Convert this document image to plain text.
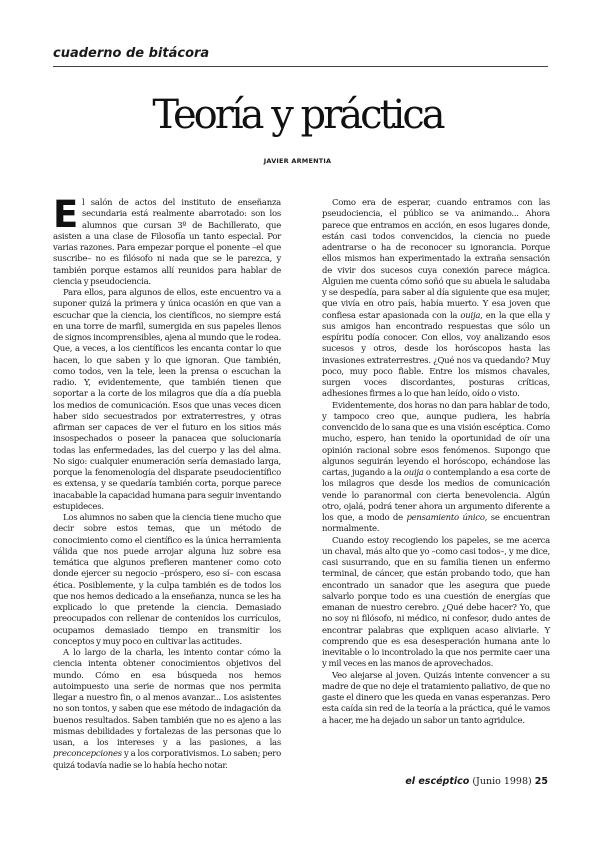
cuaderno de bitácora

Teoría y práctica
JAVIER ARMENTIA

El salón de actos del instituto de enseñanza secundaria está realmente abarrotado: son los alumnos que cursan 3º de Bachillerato, que asisten a una clase de Filosofía un tanto especial. Por varias razones. Para empezar porque el ponente –el que suscribe– no es filósofo ni nada que se le parezca, y también porque estamos allí reunidos para hablar de ciencia y pseudociencia.

Para ellos, para algunos de ellos, este encuentro va a suponer quizá la primera y única ocasión en que van a escuchar que la ciencia, los científicos, no siempre está en una torre de marfil, sumergida en sus papeles llenos de signos incomprensibles, ajena al mundo que le rodea. Que, a veces, a los científicos les encanta contar lo que hacen, lo que saben y lo que ignoran. Que también, como todos, ven la tele, leen la prensa o escuchan la radio. Y, evidentemente, que también tienen que soportar a la corte de los milagros que día a día puebla los medios de comunicación. Esos que unas veces dicen haber sido secuestrados por extraterrestres, y otras afirman ser capaces de ver el futuro en los sitios más insospechados o poseer la panacea que solucionaría todas las enfermedades, las del cuerpo y las del alma. No sigo: cualquier enumeración sería demasiado larga, porque la fenomenología del disparate pseudocientífico es extensa, y se quedaría también corta, porque parece inacabable la capacidad humana para seguir inventando estupideces.

Los alumnos no saben que la ciencia tiene mucho que decir sobre estos temas, que un método de conocimiento como el científico es la única herramienta válida que nos puede arrojar alguna luz sobre esa temática que algunos prefieren mantener como coto donde ejercer su negocio –próspero, eso sí– con escasa ética. Posiblemente, y la culpa también es de todos los que nos hemos dedicado a la enseñanza, nunca se les ha explicado lo que pretende la ciencia. Demasiado preocupados con rellenar de contenidos los currículos, ocupamos demasiado tiempo en transmitir los conceptos y muy poco en cultivar las actitudes.

A lo largo de la charla, les intento contar cómo la ciencia intenta obtener conocimientos objetivos del mundo. Cómo en esa búsqueda nos hemos autoimpuesto una serie de normas que nos permita llegar a nuestro fin, o al menos avanzar... Los asistentes no son tontos, y saben que ese método de indagación da buenos resultados. Saben también que no es ajeno a las mismas debilidades y fortalezas de las personas que lo usan, a los intereses y a las pasiones, a las preconcepciones y a los corporativismos. Lo saben; pero quizá todavía nadie se lo había hecho notar.

Como era de esperar, cuando entramos con las pseudociencia, el público se va animando... Ahora parece que entramos en acción, en esos lugares donde, están casi todos convencidos, la ciencia no puede adentrarse o ha de reconocer su ignorancia. Porque ellos mismos han experimentado la extraña sensación de vivir dos sucesos cuya conexión parece mágica. Alguien me cuenta cómo soñó que su abuela le saludaba y se despedía, para saber al día siguiente que esa mujer, que vivía en otro país, había muerto. Y esa joven que confiesa estar apasionada con la ouija, en la que ella y sus amigos han encontrado respuestas que sólo un espíritu podía conocer. Con ellos, voy analizando esos sucesos y otros, desde los horóscopos hasta las invasiones extraterrestres. ¿Qué nos va quedando? Muy poco, muy poco fiable. Entre los mismos chavales, surgen voces discordantes, posturas críticas, adhesiones firmes a lo que han leído, oído o visto.

Evidentemente, dos horas no dan para hablar de todo, y tampoco creo que, aunque pudiera, les habría convencido de lo sana que es una visión escéptica. Como mucho, espero, han tenido la oportunidad de oír una opinión racional sobre esos fenómenos. Supongo que algunos seguirán leyendo el horóscopo, echándose las cartas, jugando a la ouija o contemplando a esa corte de los milagros que desde los medios de comunicación vende lo paranormal con cierta benevolencia. Algún otro, ojalá, podrá tener ahora un argumento diferente a los que, a modo de pensamiento único, se encuentran normalmente.

Cuando estoy recogiendo los papeles, se me acerca un chaval, más alto que yo –como casi todos–, y me dice, casi susurrando, que en su familia tienen un enfermo terminal, de cáncer, que están probando todo, que han encontrado un sanador que les asegura que puede salvarlo porque todo es una cuestión de energías que emanan de nuestro cerebro. ¿Qué debe hacer? Yo, que no soy ni filósofo, ni médico, ni confesor, dudo antes de encontrar palabras que expliquen acaso aliviarle. Y comprendo que es esa desesperación humana ante lo inevitable o lo incontrolado la que nos permite caer una y mil veces en las manos de aprovechados.

Veo alejarse al joven. Quizás intente convencer a su madre de que no deje el tratamiento paliativo, de que no gaste el dinero que les queda en vanas esperanzas. Pero esta caída sin red de la teoría a la práctica, qué le vamos a hacer, me ha dejado un sabor un tanto agridulce.

el escéptico (Junio 1998) 25
